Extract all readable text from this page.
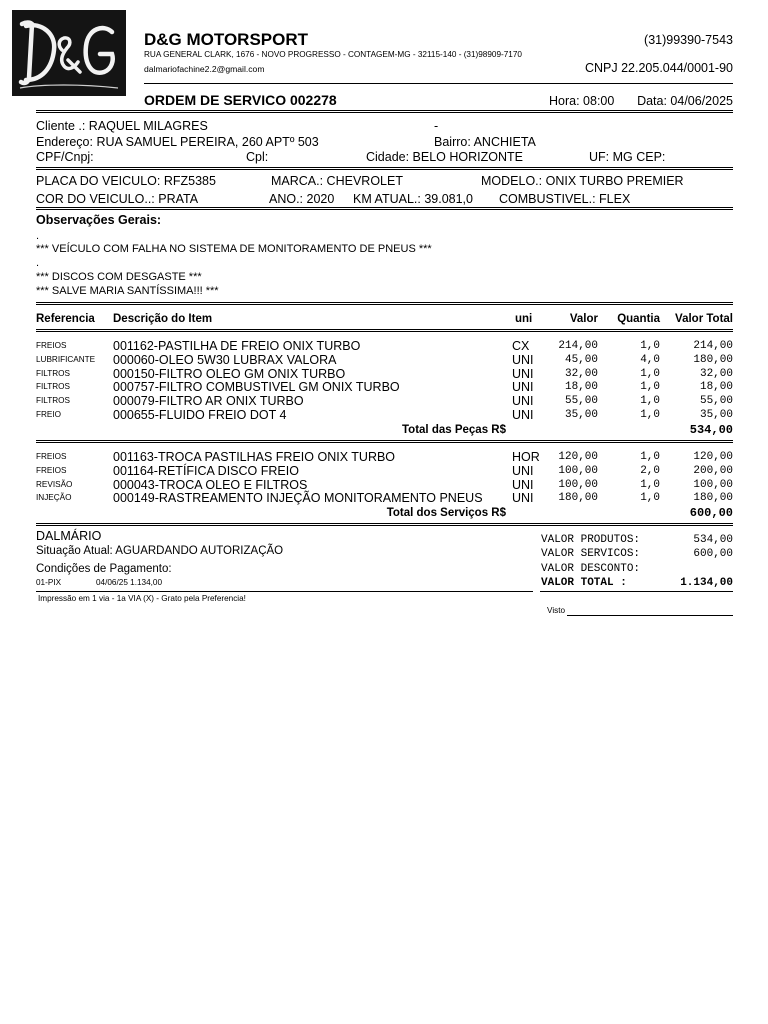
D&G MOTORSPORT
RUA GENERAL CLARK, 1676 - NOVO PROGRESSO - CONTAGEM-MG - 32115-140 - (31)98909-7170
dalmariofachine2.2@gmail.com
(31)99390-7543
CNPJ 22.205.044/0001-90
ORDEM DE SERVICO 002278	Hora: 08:00 Data: 04/06/2025
Cliente .: RAQUEL MILAGRES	-
Endereço: RUA SAMUEL PEREIRA, 260 APTº 503	Bairro: ANCHIETA
CPF/Cnpj:	Cpl:	Cidade: BELO HORIZONTE	UF: MG CEP:
PLACA DO VEICULO: RFZ5385	MARCA.: CHEVROLET	MODELO.: ONIX TURBO PREMIER
COR DO VEICULO..: PRATA	ANO.: 2020 KM ATUAL.: 39.081,0 COMBUSTIVEL.: FLEX
Observações Gerais:
.
*** VEÍCULO COM FALHA NO SISTEMA DE MONITORAMENTO DE PNEUS ***
.
*** DISCOS COM DESGASTE ***
*** SALVE MARIA SANTÍSSIMA!!! ***
Referencia Descrição do Item	uni	Valor Quantia Valor Total
FREIOS	001162-PASTILHA DE FREIO ONIX TURBO	CX	214,00	1,0	214,00
LUBRIFICANTE 000060-OLEO 5W30 LUBRAX VALORA	UNI	45,00	4,0	180,00
FILTROS	000150-FILTRO OLEO GM ONIX TURBO	UNI	32,00	1,0	32,00
FILTROS	000757-FILTRO COMBUSTIVEL GM ONIX TURBO	UNI	18,00	1,0	18,00
FILTROS	000079-FILTRO AR ONIX TURBO	UNI	55,00	1,0	55,00
FREIO	000655-FLUIDO FREIO DOT 4	UNI	35,00	1,0	35,00
Total das Peças R$	534,00
FREIOS	001163-TROCA PASTILHAS FREIO ONIX TURBO	HOR 120,00	1,0	120,00
FREIOS	001164-RETÍFICA DISCO FREIO	UNI 100,00	2,0	200,00
REVISÃO	000043-TROCA OLEO E FILTROS	UNI 100,00	1,0	100,00
INJEÇÃO	000149-RASTREAMENTO INJEÇÃO MONITORAMENTO PNEUS UNI 180,00	1,0	180,00
Total dos Serviços R$	600,00
DALMÁRIO
Situação Atual: AGUARDANDO AUTORIZAÇÃO
Condições de Pagamento:
01-PIX	04/06/25 1.134,00
VALOR PRODUTOS:	534,00
VALOR SERVICOS:	600,00
VALOR DESCONTO:
VALOR TOTAL :	1.134,00
Impressão em 1 via - 1a VIA (X) - Grato pela Preferencia!
Visto
